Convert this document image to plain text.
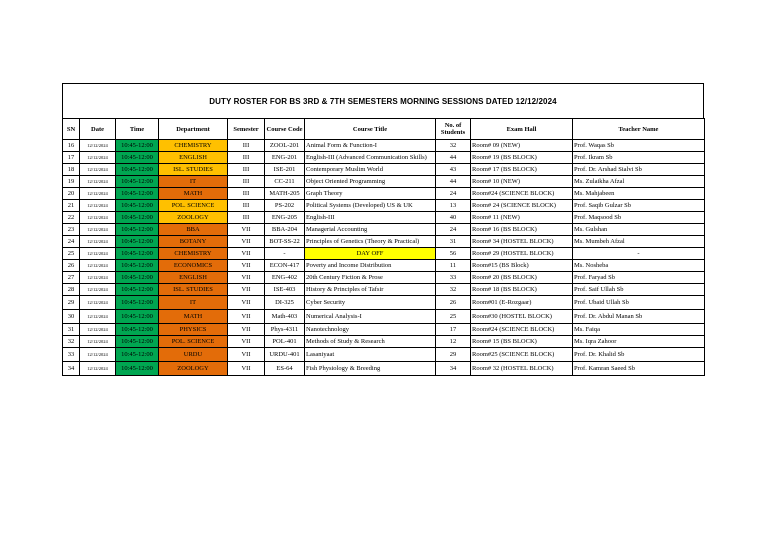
DUTY ROSTER FOR BS 3RD & 7TH SEMESTERS MORNING SESSIONS DATED 12/12/2024
SN	Date	Time	Department	Semester	Course Code	Course Title	No. of Students	Exam Hall	Teacher Name
16	12/12/2024	10:45-12:00	CHEMISTRY	III	ZOOL-201	Animal Form & Function-I	32	Room# 09 (NEW)	Prof. Waqas Sb
17	12/12/2024	10:45-12:00	ENGLISH	III	ENG-201	English-III (Advanced Communication Skills)	44	Room# 19 (BS BLOCK)	Prof. Ikram Sb
18	12/12/2024	10:45-12:00	ISL. STUDIES	III	ISE-201	Contemporary Muslim World	43	Room# 17 (BS BLOCK)	Prof. Dr. Arshad Sialvi Sb
19	12/12/2024	10:45-12:00	IT	III	CC-211	Object Oriented Programming	44	Room# 10 (NEW)	Ms. Zulaikha Afzal
20	12/12/2024	10:45-12:00	MATH	III	MATH-205	Graph Theory	24	Room#24 (SCIENCE BLOCK)	Ms. Mahjabeen
21	12/12/2024	10:45-12:00	POL. SCIENCE	III	PS-202	Political Systems (Developed) US & UK	13	Room# 24 (SCIENCE BLOCK)	Prof. Saqib Gulzar Sb
22	12/12/2024	10:45-12:00	ZOOLOGY	III	ENG-205	English-III	40	Room# 11 (NEW)	Prof. Maqsood Sb
23	12/12/2024	10:45-12:00	BBA	VII	BBA-204	Managerial Accounting	24	Room# 16 (BS BLOCK)	Ms. Gulshan
24	12/12/2024	10:45-12:00	BOTANY	VII	BOT-SS-22	Principles of Genetics (Theory & Practical)	31	Room# 34 (HOSTEL BLOCK)	Ms. Mumbeh Afzal
25	12/12/2024	10:45-12:00	CHEMISTRY	VII	-	DAY OFF	56	Room# 29 (HOSTEL BLOCK)	-
26	12/12/2024	10:45-12:00	ECONOMICS	VII	ECON-417	Poverty and Income Distribution	11	Room#15 (BS Block)	Ms. Nosheba
27	12/12/2024	10:45-12:00	ENGLISH	VII	ENG-402	20th Century Fiction & Prose	33	Room# 20 (BS BLOCK)	Prof. Faryad Sb
28	12/12/2024	10:45-12:00	ISL. STUDIES	VII	ISE-403	History & Principles of Tafsir	32	Room# 18 (BS BLOCK)	Prof. Saif Ullah Sb
29	12/12/2024	10:45-12:00	IT	VII	DI-325	Cyber Security	26	Room#01 (E-Rozgaar)	Prof. Ubaid Ullah Sb
30	12/12/2024	10:45-12:00	MATH	VII	Math-403	Numerical Analysis-I	25	Room#30 (HOSTEL BLOCK)	Prof. Dr. Abdul Manan Sb
31	12/12/2024	10:45-12:00	PHYSICS	VII	Phys-4311	Nanotechnology	17	Room#24 (SCIENCE BLOCK)	Ms. Faiqa
32	12/12/2024	10:45-12:00	POL. SCIENCE	VII	POL-401	Methods of Study & Research	12	Room# 15 (BS BLOCK)	Ms. Iqra Zahoor
33	12/12/2024	10:45-12:00	URDU	VII	URDU-401	Lasaniyaat	29	Room#25 (SCIENCE BLOCK)	Prof. Dr. Khalid Sb
34	12/12/2024	10:45-12:00	ZOOLOGY	VII	ES-64	Fish Physiology & Breeding	34	Room# 32 (HOSTEL BLOCK)	Prof. Kamran Saeed Sb
